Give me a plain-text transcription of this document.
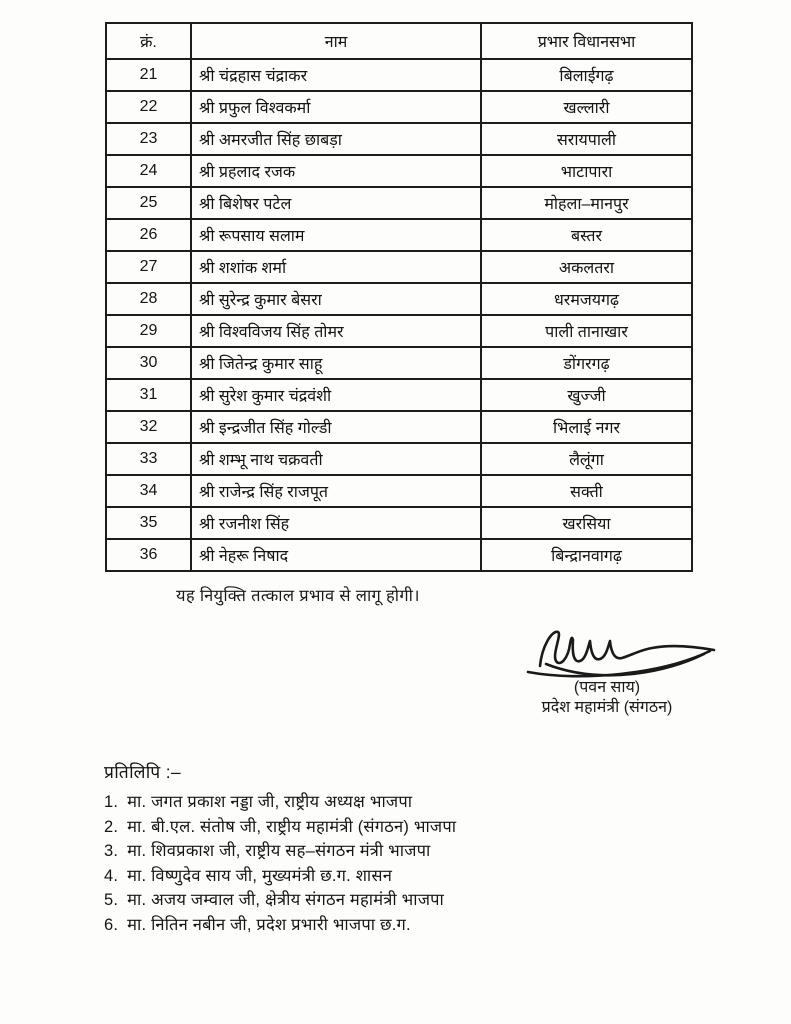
क्रं.	नाम	प्रभार विधानसभा
21	श्री चंद्रहास चंद्राकर	बिलाईगढ़
22	श्री प्रफुल विश्वकर्मा	खल्लारी
23	श्री अमरजीत सिंह छाबड़ा	सरायपाली
24	श्री प्रहलाद रजक	भाटापारा
25	श्री बिशेषर पटेल	मोहला–मानपुर
26	श्री रूपसाय सलाम	बस्तर
27	श्री शशांक शर्मा	अकलतरा
28	श्री सुरेन्द्र कुमार बेसरा	धरमजयगढ़
29	श्री विश्वविजय सिंह तोमर	पाली तानाखार
30	श्री जितेन्द्र कुमार साहू	डोंगरगढ़
31	श्री सुरेश कुमार चंद्रवंशी	खुज्जी
32	श्री इन्द्रजीत सिंह गोल्डी	भिलाई नगर
33	श्री शम्भू नाथ चक्रवती	लैलूंगा
34	श्री राजेन्द्र सिंह राजपूत	सक्ती
35	श्री रजनीश सिंह	खरसिया
36	श्री नेहरू निषाद	बिन्द्रानवागढ़

यह नियुक्ति तत्काल प्रभाव से लागू होगी।

(पवन साय)
प्रदेश महामंत्री (संगठन)
प्रतिलिपि :–
1. मा. जगत प्रकाश नड्डा जी, राष्ट्रीय अध्यक्ष भाजपा
2. मा. बी.एल. संतोष जी, राष्ट्रीय महामंत्री (संगठन) भाजपा
3. मा. शिवप्रकाश जी, राष्ट्रीय सह–संगठन मंत्री भाजपा
4. मा. विष्णुदेव साय जी, मुख्यमंत्री छ.ग. शासन
5. मा. अजय जम्वाल जी, क्षेत्रीय संगठन महामंत्री भाजपा
6. मा. नितिन नबीन जी, प्रदेश प्रभारी भाजपा छ.ग.
